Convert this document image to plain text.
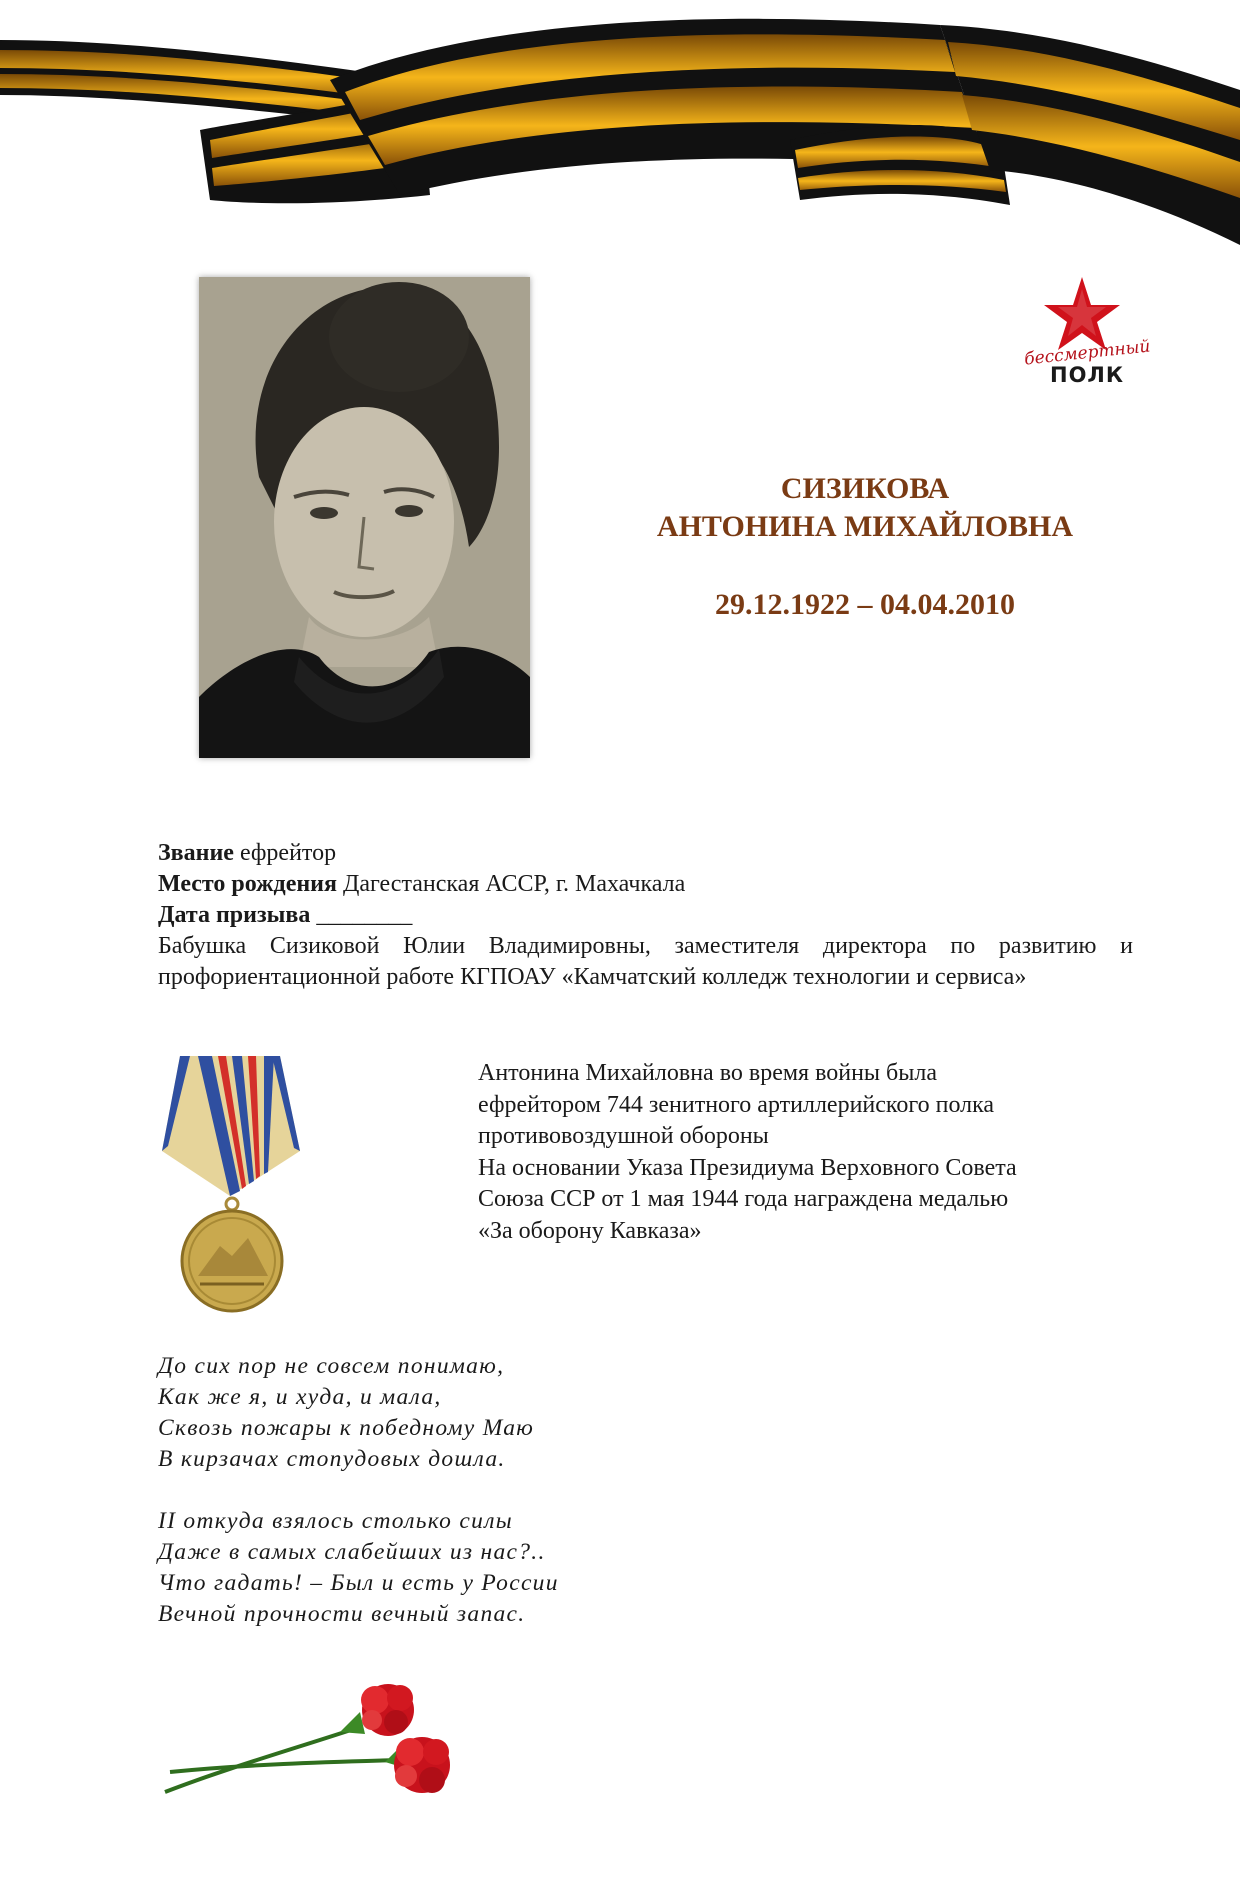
бессмертный
ПОЛК
СИЗИКОВА
АНТОНИНА МИХАЙЛОВНА
29.12.1922 – 04.04.2010
Звание ефрейтор
Место рождения Дагестанская АССР, г. Махачкала
Дата призыва ________
Бабушка Сизиковой Юлии Владимировны, заместителя директора по развитию и
профориентационной работе КГПОАУ «Камчатский колледж технологии и сервиса»
Антонина Михайловна во время войны была
ефрейтором 744 зенитного артиллерийского полка
противовоздушной обороны
На основании Указа Президиума Верховного Совета
Союза ССР от 1 мая 1944 года награждена медалью
«За оборону Кавказа»
До сих пор не совсем понимаю,
Как же я, и худа, и мала,
Сквозь пожары к победному Маю
В кирзачах стопудовых дошла.
II откуда взялось столько силы
Даже в самых слабейших из нас?..
Что гадать! – Был и есть у России
Вечной прочности вечный запас.
